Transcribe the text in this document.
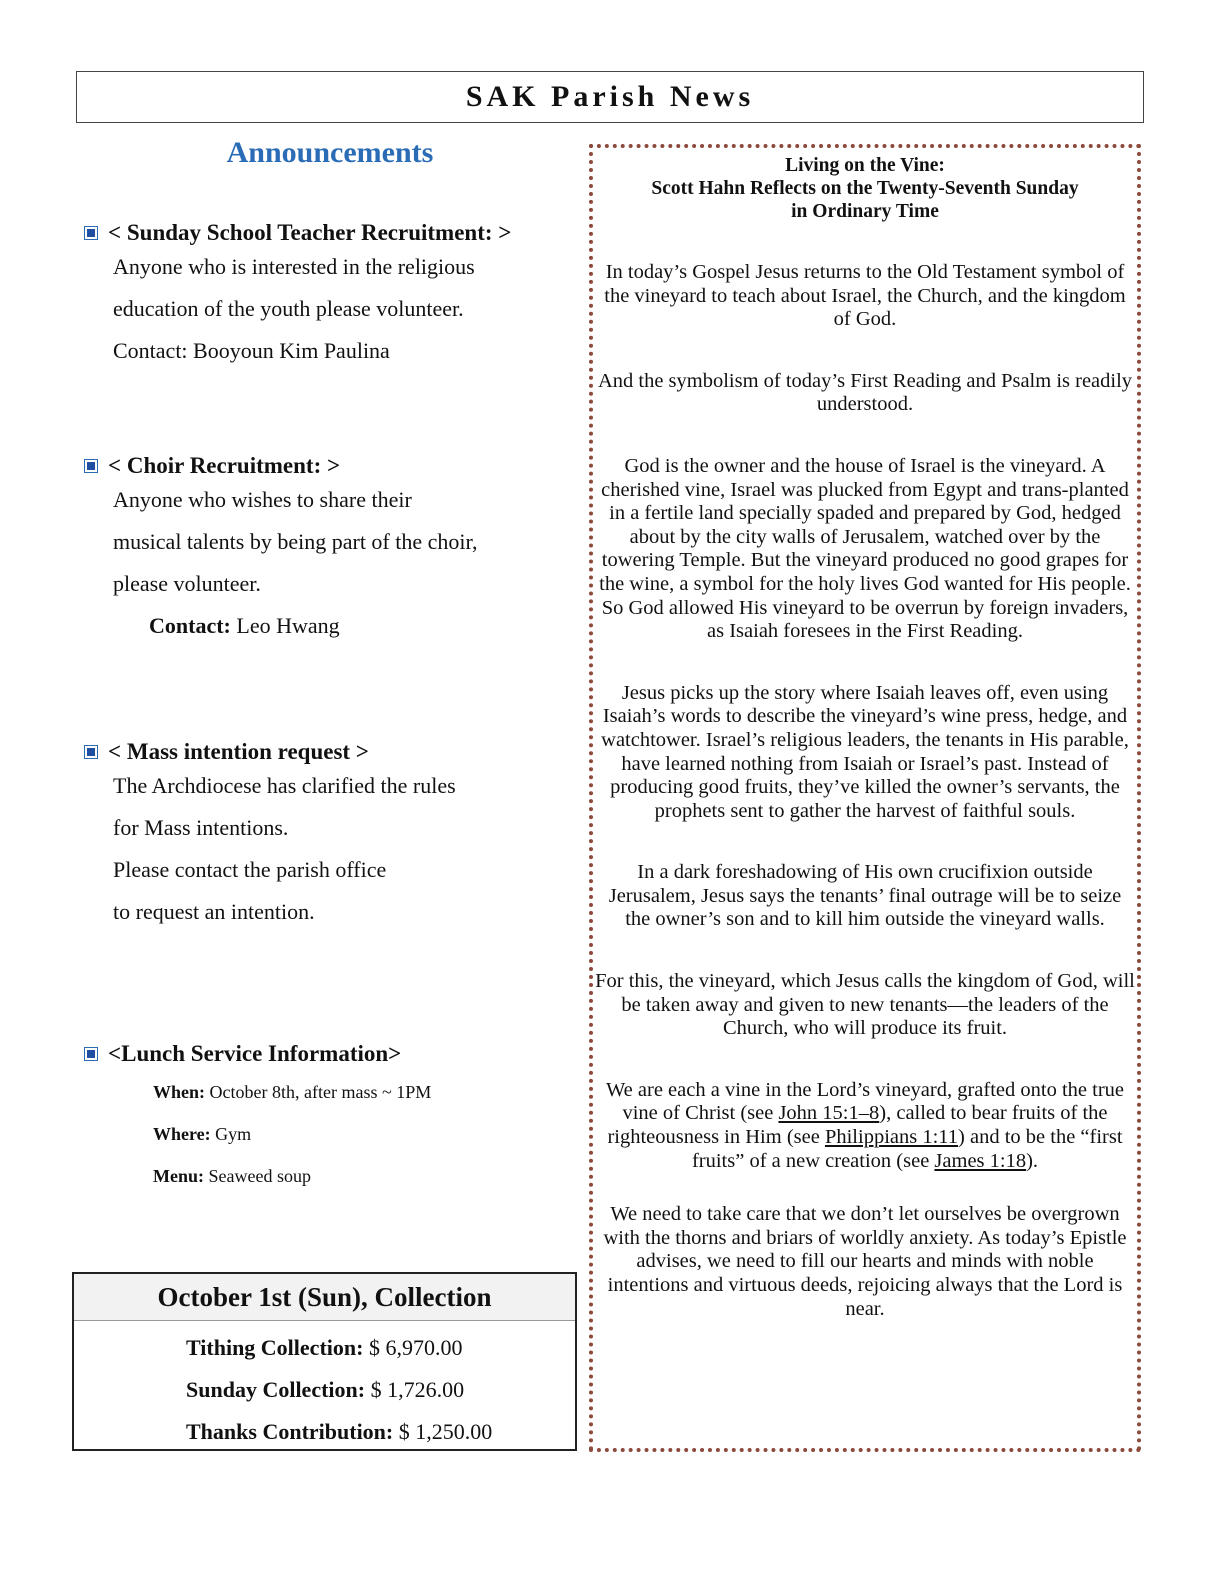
SAK Parish News
Announcements
< Sunday School Teacher Recruitment: >

Anyone who is interested in the religious

education of the youth please volunteer.

Contact: Booyoun Kim Paulina

< Choir Recruitment: >

Anyone who wishes to share their

musical talents by being part of the choir,

please volunteer.

Contact: Leo Hwang

< Mass intention request >

The Archdiocese has clarified the rules

for Mass intentions.

Please contact the parish office

to request an intention.

<Lunch Service Information>

When: October 8th, after mass ~ 1PM

Where: Gym

Menu: Seaweed soup

October 1st (Sun), Collection

Tithing Collection: $ 6,970.00

Sunday Collection: $ 1,726.00

Thanks Contribution: $ 1,250.00

Living on the Vine:
Scott Hahn Reflects on the Twenty-Seventh Sunday
in Ordinary Time

In today’s Gospel Jesus returns to the Old Testament symbol of the vineyard to teach about Israel, the Church, and the kingdom of God.

And the symbolism of today’s First Reading and Psalm is readily understood.

God is the owner and the house of Israel is the vineyard. A cherished vine, Israel was plucked from Egypt and trans-planted in a fertile land specially spaded and prepared by God, hedged about by the city walls of Jerusalem, watched over by the towering Temple. But the vineyard produced no good grapes for the wine, a symbol for the holy lives God wanted for His people. So God allowed His vineyard to be overrun by foreign invaders, as Isaiah foresees in the First Reading.

Jesus picks up the story where Isaiah leaves off, even using Isaiah’s words to describe the vineyard’s wine press, hedge, and watchtower. Israel’s religious leaders, the tenants in His parable, have learned nothing from Isaiah or Israel’s past. Instead of producing good fruits, they’ve killed the owner’s servants, the prophets sent to gather the harvest of faithful souls.

In a dark foreshadowing of His own crucifixion outside Jerusalem, Jesus says the tenants’ final outrage will be to seize the owner’s son and to kill him outside the vineyard walls.

For this, the vineyard, which Jesus calls the kingdom of God, will be taken away and given to new tenants—the leaders of the Church, who will produce its fruit.

We are each a vine in the Lord’s vineyard, grafted onto the true vine of Christ (see John 15:1–8), called to bear fruits of the righteousness in Him (see Philippians 1:11) and to be the “first fruits” of a new creation (see James 1:18).

We need to take care that we don’t let ourselves be overgrown with the thorns and briars of worldly anxiety. As today’s Epistle advises, we need to fill our hearts and minds with noble intentions and virtuous deeds, rejoicing always that the Lord is near.
